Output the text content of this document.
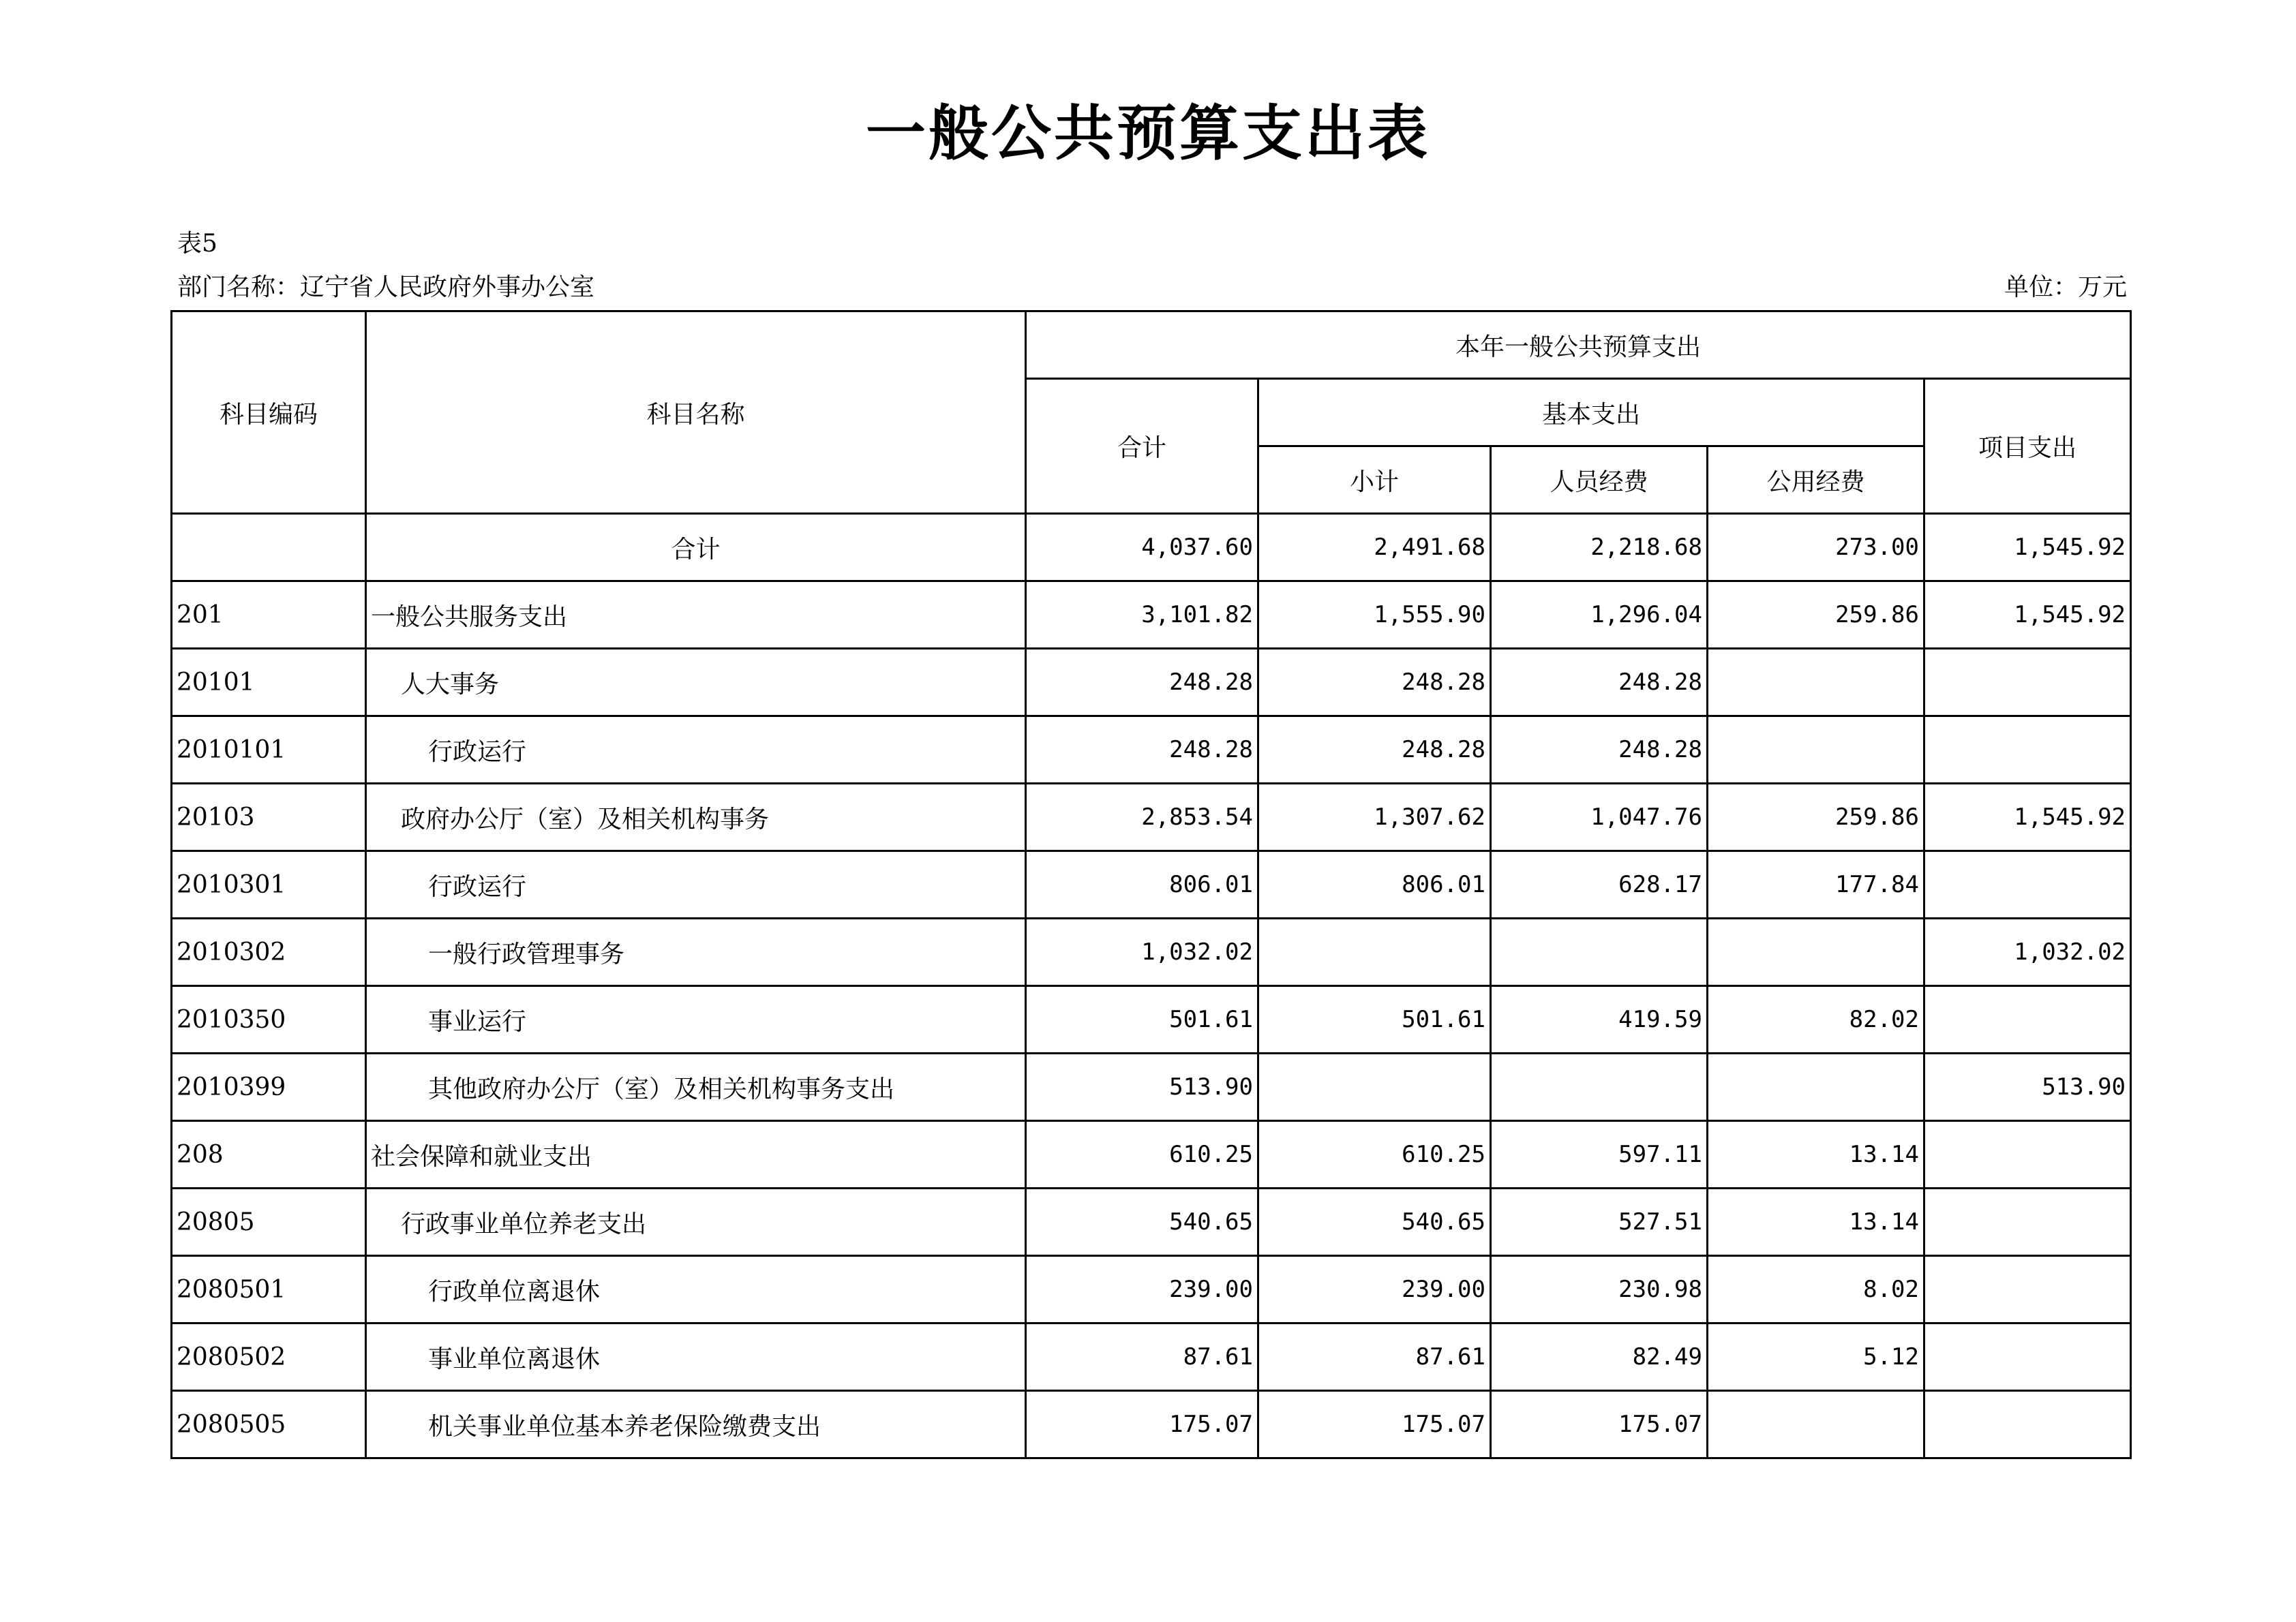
一般公共预算支出表
表5
部门名称：辽宁省人民政府外事办公室	单位：万元
科目编码	科目名称	本年一般公共预算支出				
		合计	基本支出			项目支出
			小计	人员经费	公用经费	
	合计	4,037.60	2,491.68	2,218.68	273.00	1,545.92
201	一般公共服务支出	3,101.82	1,555.90	1,296.04	259.86	1,545.92
20101	人大事务	248.28	248.28	248.28		
2010101	行政运行	248.28	248.28	248.28		
20103	政府办公厅（室）及相关机构事务	2,853.54	1,307.62	1,047.76	259.86	1,545.92
2010301	行政运行	806.01	806.01	628.17	177.84	
2010302	一般行政管理事务	1,032.02				1,032.02
2010350	事业运行	501.61	501.61	419.59	82.02	
2010399	其他政府办公厅（室）及相关机构事务支出	513.90				513.90
208	社会保障和就业支出	610.25	610.25	597.11	13.14	
20805	行政事业单位养老支出	540.65	540.65	527.51	13.14	
2080501	行政单位离退休	239.00	239.00	230.98	8.02	
2080502	事业单位离退休	87.61	87.61	82.49	5.12	
2080505	机关事业单位基本养老保险缴费支出	175.07	175.07	175.07		
